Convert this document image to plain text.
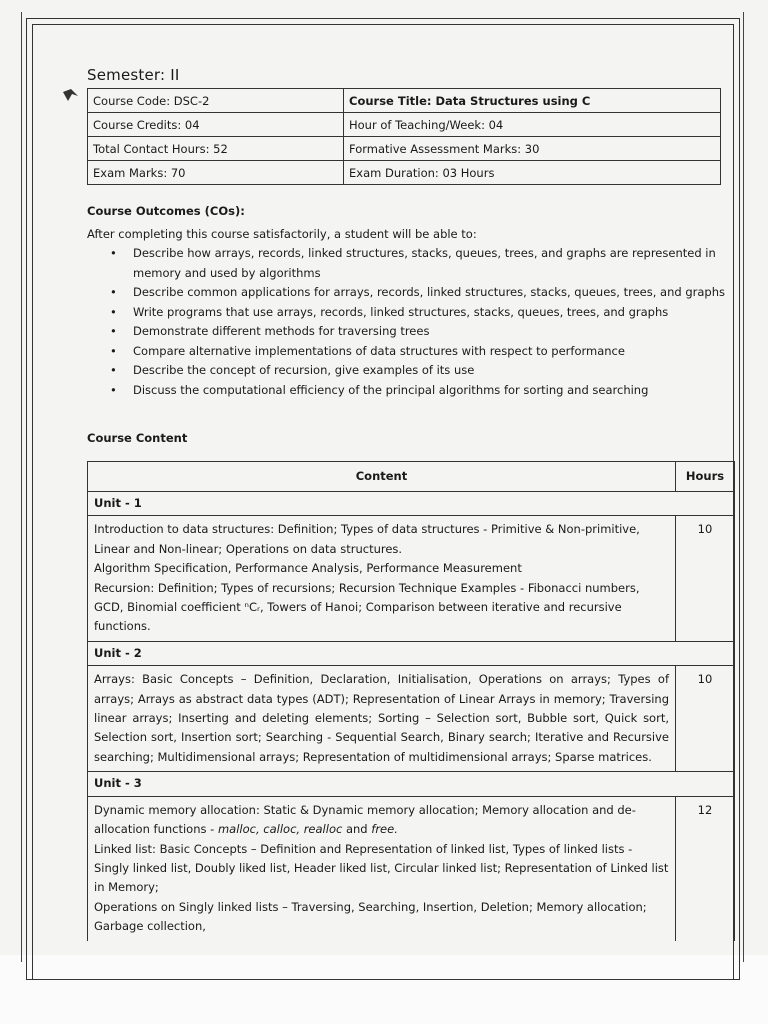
Semester: II
Course Code: DSC-2	Course Title: Data Structures using C
Course Credits: 04	Hour of Teaching/Week: 04
Total Contact Hours: 52	Formative Assessment Marks: 30
Exam Marks: 70	Exam Duration: 03 Hours
Course Outcomes (COs):
After completing this course satisfactorily, a student will be able to:
• Describe how arrays, records, linked structures, stacks, queues, trees, and graphs are represented in memory and used by algorithms
• Describe common applications for arrays, records, linked structures, stacks, queues, trees, and graphs
• Write programs that use arrays, records, linked structures, stacks, queues, trees, and graphs
• Demonstrate different methods for traversing trees
• Compare alternative implementations of data structures with respect to performance
• Describe the concept of recursion, give examples of its use
• Discuss the computational efficiency of the principal algorithms for sorting and searching
Course Content
Content	Hours
Unit - 1	

Introduction to data structures: Definition; Types of data structures - Primitive & Non-primitive, Linear and Non-linear; Operations on data structures.
Algorithm Specification, Performance Analysis, Performance Measurement
Recursion: Definition; Types of recursions; Recursion Technique Examples - Fibonacci numbers, GCD, Binomial coefficient ⁿCᵣ, Towers of Hanoi; Comparison between iterative and recursive functions.	10
Unit - 2	

Arrays: Basic Concepts – Definition, Declaration, Initialisation, Operations on arrays; Types of arrays; Arrays as abstract data types (ADT); Representation of Linear Arrays in memory; Traversing linear arrays; Inserting and deleting elements; Sorting – Selection sort, Bubble sort, Quick sort, Selection sort, Insertion sort; Searching - Sequential Search, Binary search; Iterative and Recursive searching; Multidimensional arrays; Representation of multidimensional arrays; Sparse matrices.	10
Unit - 3	

Dynamic memory allocation: Static & Dynamic memory allocation; Memory allocation and de-allocation functions - malloc, calloc, realloc and free.
Linked list: Basic Concepts – Definition and Representation of linked list, Types of linked lists - Singly linked list, Doubly liked list, Header liked list, Circular linked list; Representation of Linked list in Memory;
Operations on Singly linked lists – Traversing, Searching, Insertion, Deletion; Memory allocation; Garbage collection,	12
